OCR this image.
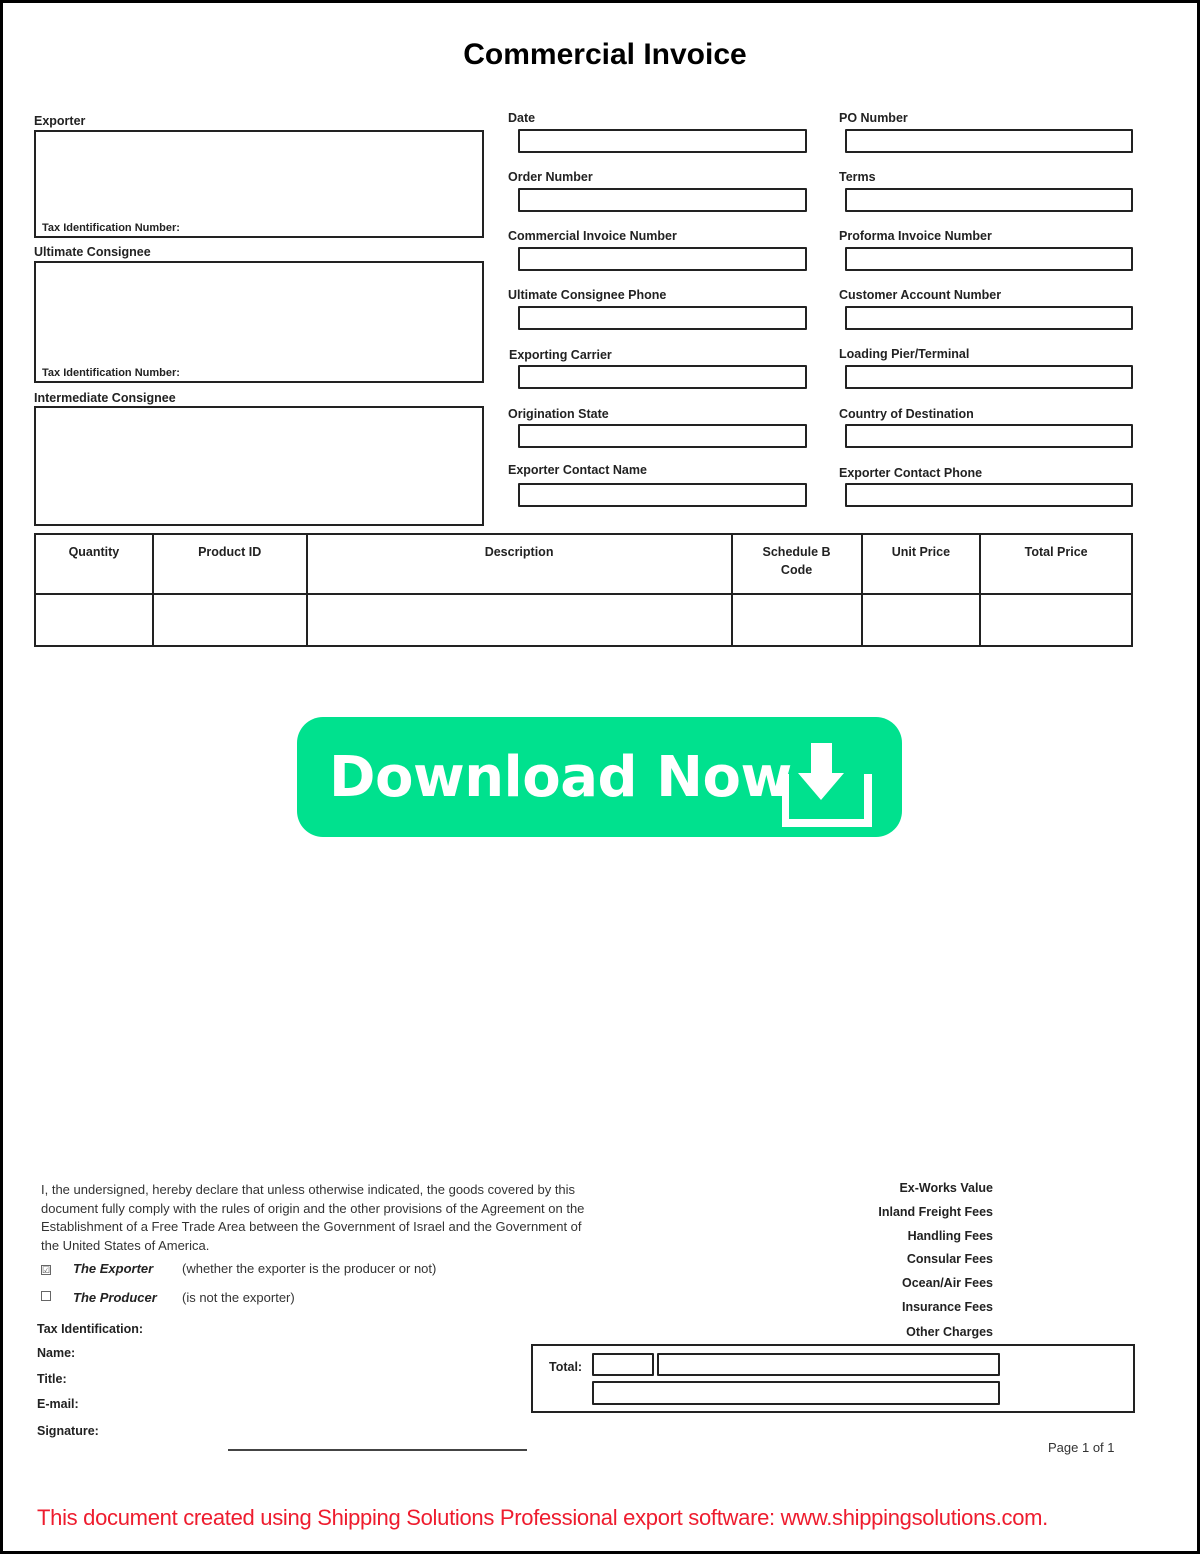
Commercial Invoice
Exporter
Tax Identification Number:
Ultimate Consignee
Tax Identification Number:
Intermediate Consignee
Date
Order Number
Commercial Invoice Number
Ultimate Consignee Phone
Exporting Carrier
Origination State
Exporter Contact Name
PO Number
Terms
Proforma Invoice Number
Customer Account Number
Loading Pier/Terminal
Country of Destination
Exporter Contact Phone
Quantity	Product ID	Description	Schedule B Code	Unit Price	Total Price

Download Now
I, the undersigned, hereby declare that unless otherwise indicated, the goods covered by this document fully comply with the rules of origin and the other provisions of the Agreement on the Establishment of a Free Trade Area between the Government of Israel and the Government of the United States of America.
☑ The Exporter (whether the exporter is the producer or not)
The Producer (is not the exporter)
Tax Identification:
Name:
Title:
E-mail:
Signature:
Ex-Works Value
Inland Freight Fees
Handling Fees
Consular Fees
Ocean/Air Fees
Insurance Fees
Other Charges
Total:
Page 1 of 1
This document created using Shipping Solutions Professional export software: www.shippingsolutions.com.
